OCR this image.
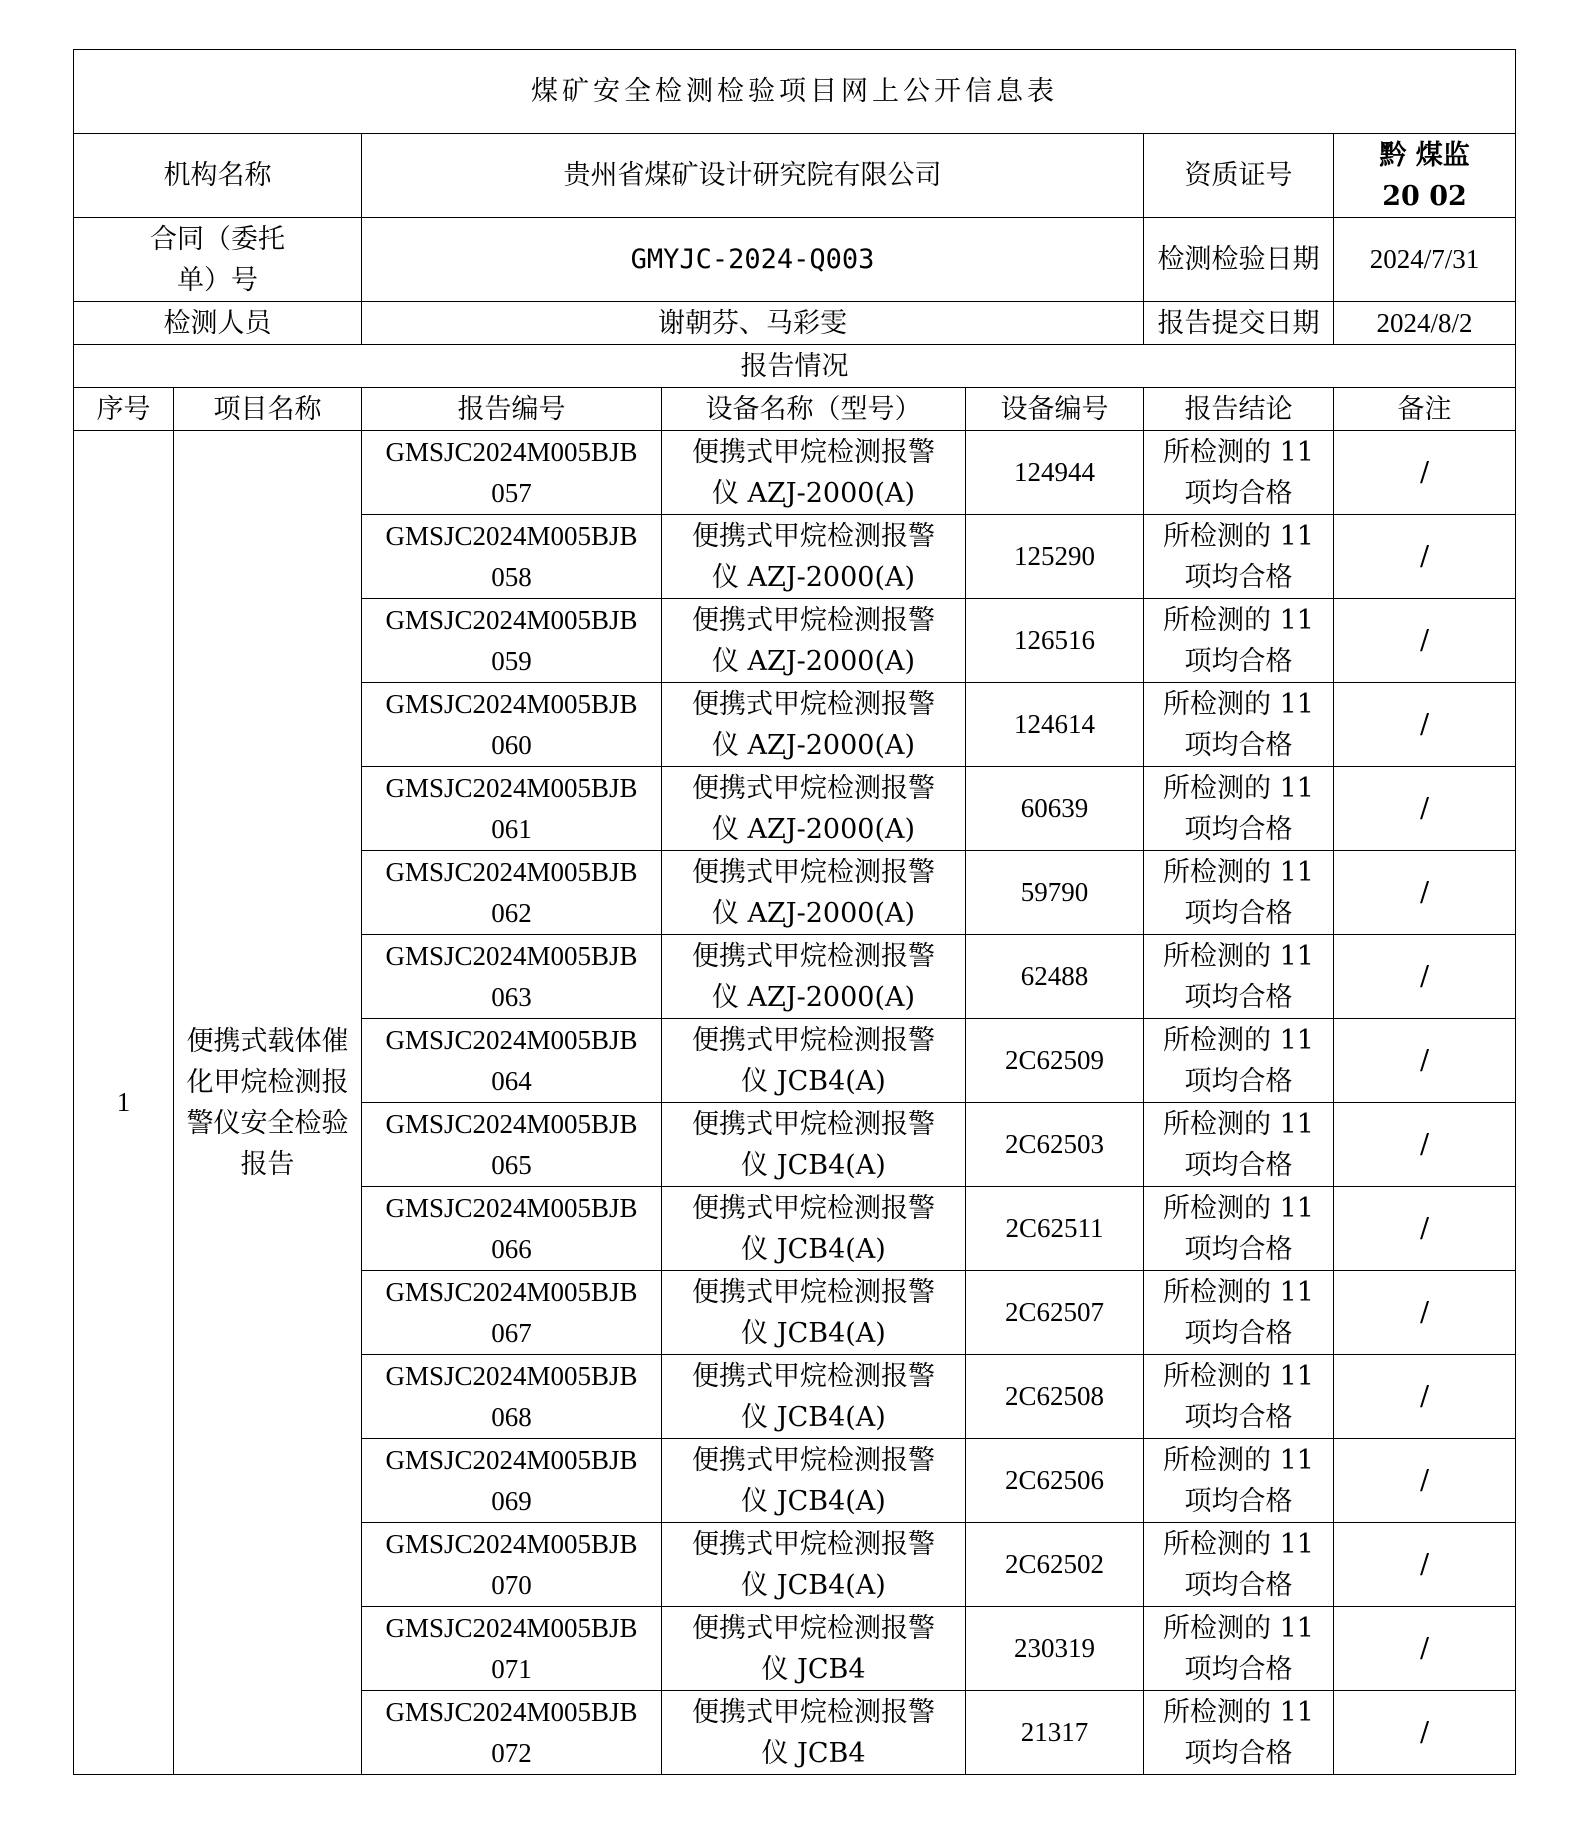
煤矿安全检测检验项目网上公开信息表						
机构名称		贵州省煤矿设计研究院有限公司			资质证号	黔 煤监
20 02

合同（委托
单）号		GMYJC-2024-Q003			检测检验日期	2024/7/31
检测人员		谢朝芬、马彩雯			报告提交日期	2024/8/2
报告情况						
序号	项目名称	报告编号	设备名称（型号）	设备编号	报告结论	备注
1	便携式载体催化甲烷检测报警仪安全检验报告	GMSJC2024M005BJB
057	便携式甲烷检测报警
仪 AZJ-2000(A)	124944	所检测的 11
项均合格	/

		GMSJC2024M005BJB
058	便携式甲烷检测报警
仪 AZJ-2000(A)	125290	所检测的 11
项均合格	/

		GMSJC2024M005BJB
059	便携式甲烷检测报警
仪 AZJ-2000(A)	126516	所检测的 11
项均合格	/

		GMSJC2024M005BJB
060	便携式甲烷检测报警
仪 AZJ-2000(A)	124614	所检测的 11
项均合格	/

		GMSJC2024M005BJB
061	便携式甲烷检测报警
仪 AZJ-2000(A)	60639	所检测的 11
项均合格	/

		GMSJC2024M005BJB
062	便携式甲烷检测报警
仪 AZJ-2000(A)	59790	所检测的 11
项均合格	/

		GMSJC2024M005BJB
063	便携式甲烷检测报警
仪 AZJ-2000(A)	62488	所检测的 11
项均合格	/

		GMSJC2024M005BJB
064	便携式甲烷检测报警
仪 JCB4(A)	2C62509	所检测的 11
项均合格	/

		GMSJC2024M005BJB
065	便携式甲烷检测报警
仪 JCB4(A)	2C62503	所检测的 11
项均合格	/

		GMSJC2024M005BJB
066	便携式甲烷检测报警
仪 JCB4(A)	2C62511	所检测的 11
项均合格	/

		GMSJC2024M005BJB
067	便携式甲烷检测报警
仪 JCB4(A)	2C62507	所检测的 11
项均合格	/

		GMSJC2024M005BJB
068	便携式甲烷检测报警
仪 JCB4(A)	2C62508	所检测的 11
项均合格	/

		GMSJC2024M005BJB
069	便携式甲烷检测报警
仪 JCB4(A)	2C62506	所检测的 11
项均合格	/

		GMSJC2024M005BJB
070	便携式甲烷检测报警
仪 JCB4(A)	2C62502	所检测的 11
项均合格	/

		GMSJC2024M005BJB
071	便携式甲烷检测报警
仪 JCB4	230319	所检测的 11
项均合格	/

		GMSJC2024M005BJB
072	便携式甲烷检测报警
仪 JCB4	21317	所检测的 11
项均合格	/
